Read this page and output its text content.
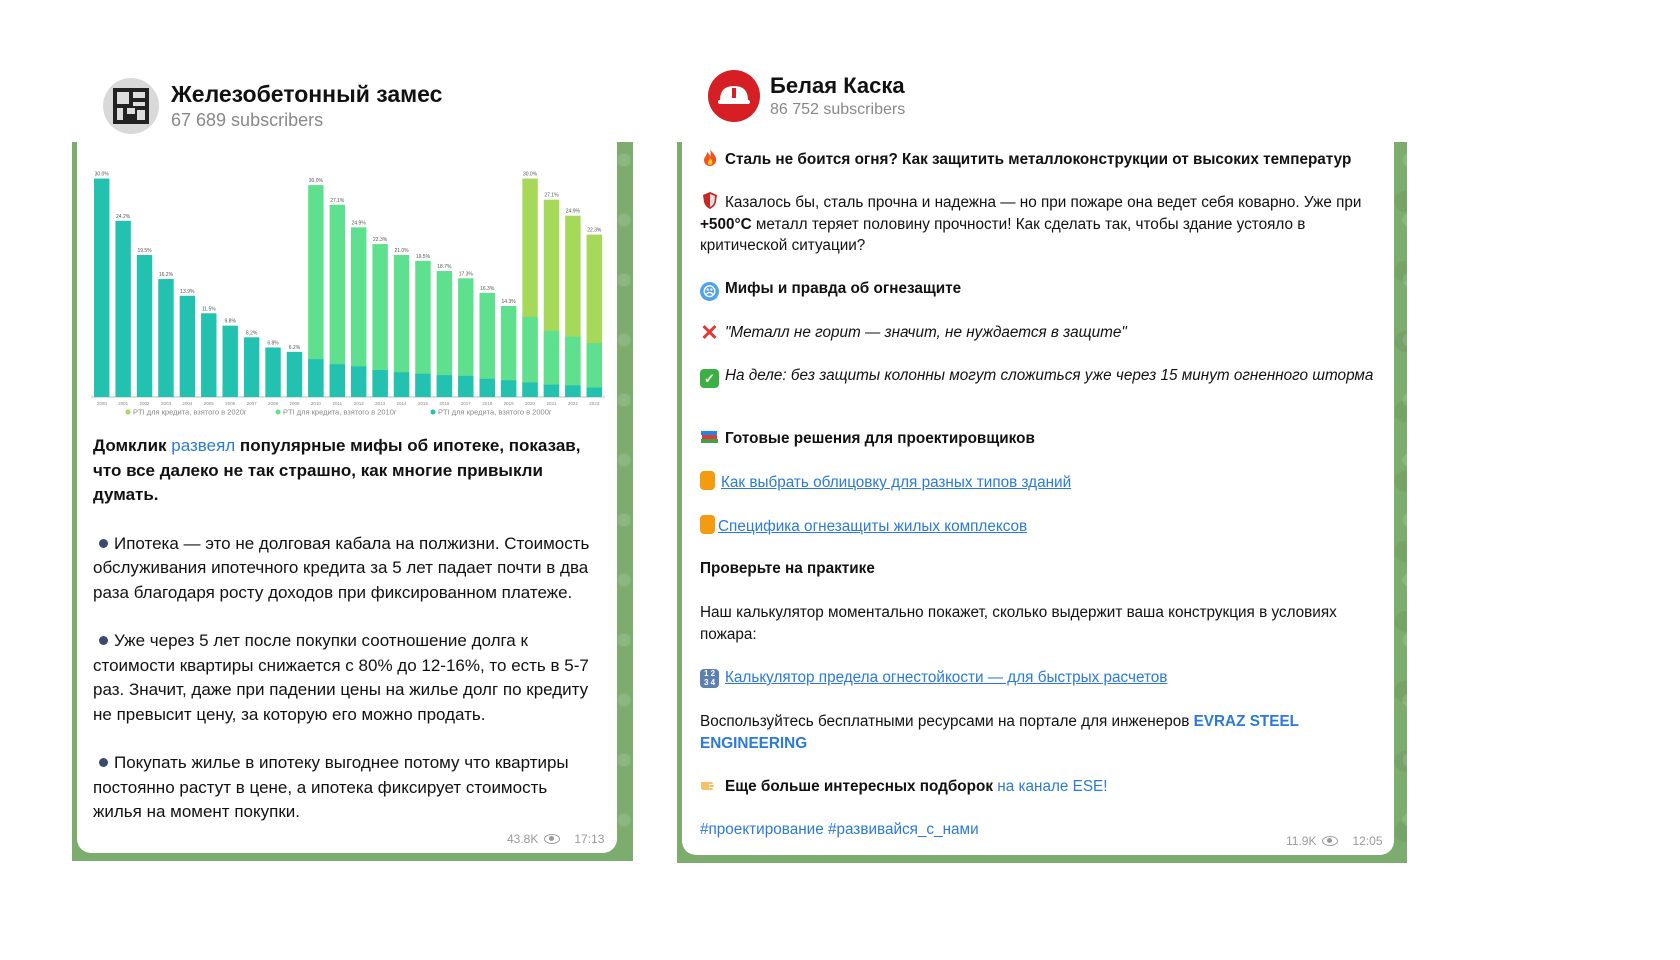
Железобетонный замес
67 689 subscribers
30.0%
2000
24.2%
2001
19.5%
2002
16.2%
2003
13.9%
2004
11.5%
2005
9.8%
2006
8.2%
2007
6.8%
2008
6.2%
2009
30.0%
2010
27.1%
2011
24.9%
2012
22.3%
2013
21.0%
2014
19.5%
2015
18.7%
2016
17.3%
2017
16.3%
2018
14.3%
2019
30.0%
2020
27.1%
2021
24.9%
2022
22.3%
2023
PTI для кредита, взятого в 2020г	PTI для кредита, взятого в 2010г	PTI для кредита, взятого в 2000г

Домклик развеял популярные мифы об ипотеке, показав, что все далеко не так страшно, как многие привыкли думать.

Ипотека — это не долговая кабала на полжизни. Стоимость обслуживания ипотечного кредита за 5 лет падает почти в два раза благодаря росту доходов при фиксированном платеже.

Уже через 5 лет после покупки соотношение долга к стоимости квартиры снижается с 80% до 12-16%, то есть в 5-7 раз. Значит, даже при падении цены на жилье долг по кредиту не превысит цену, за которую его можно продать.

Покупать жилье в ипотеку выгоднее потому что квартиры постоянно растут в цене, а ипотека фиксирует стоимость жилья на момент покупки.

43.8K	17:13
Белая Каска
86 752 subscribers
Сталь не боится огня? Как защитить металлоконструкции от высоких температур
Казалось бы, сталь прочна и надежна — но при пожаре она ведет себя коварно. Уже при +500°C металл теряет половину прочности! Как сделать так, чтобы здание устояло в критической ситуации?
☹ Мифы и правда об огнезащите
✕ "Металл не горит — значит, не нуждается в защите"
✓ На деле: без защиты колонны могут сложиться уже через 15 минут огненного шторма
Готовые решения для проектировщиков
Как выбрать облицовку для разных типов зданий
Специфика огнезащиты жилых комплексов
Проверьте на практике
Наш калькулятор моментально покажет, сколько выдержит ваша конструкция в условиях пожара:
1 2
3 4 Калькулятор предела огнестойкости — для быстрых расчетов
Воспользуйтесь бесплатными ресурсами на портале для инженеров EVRAZ STEEL ENGINEERING
Еще больше интересных подборок на канале ESE!
#проектирование #развивайся_с_нами
11.9K	12:05
